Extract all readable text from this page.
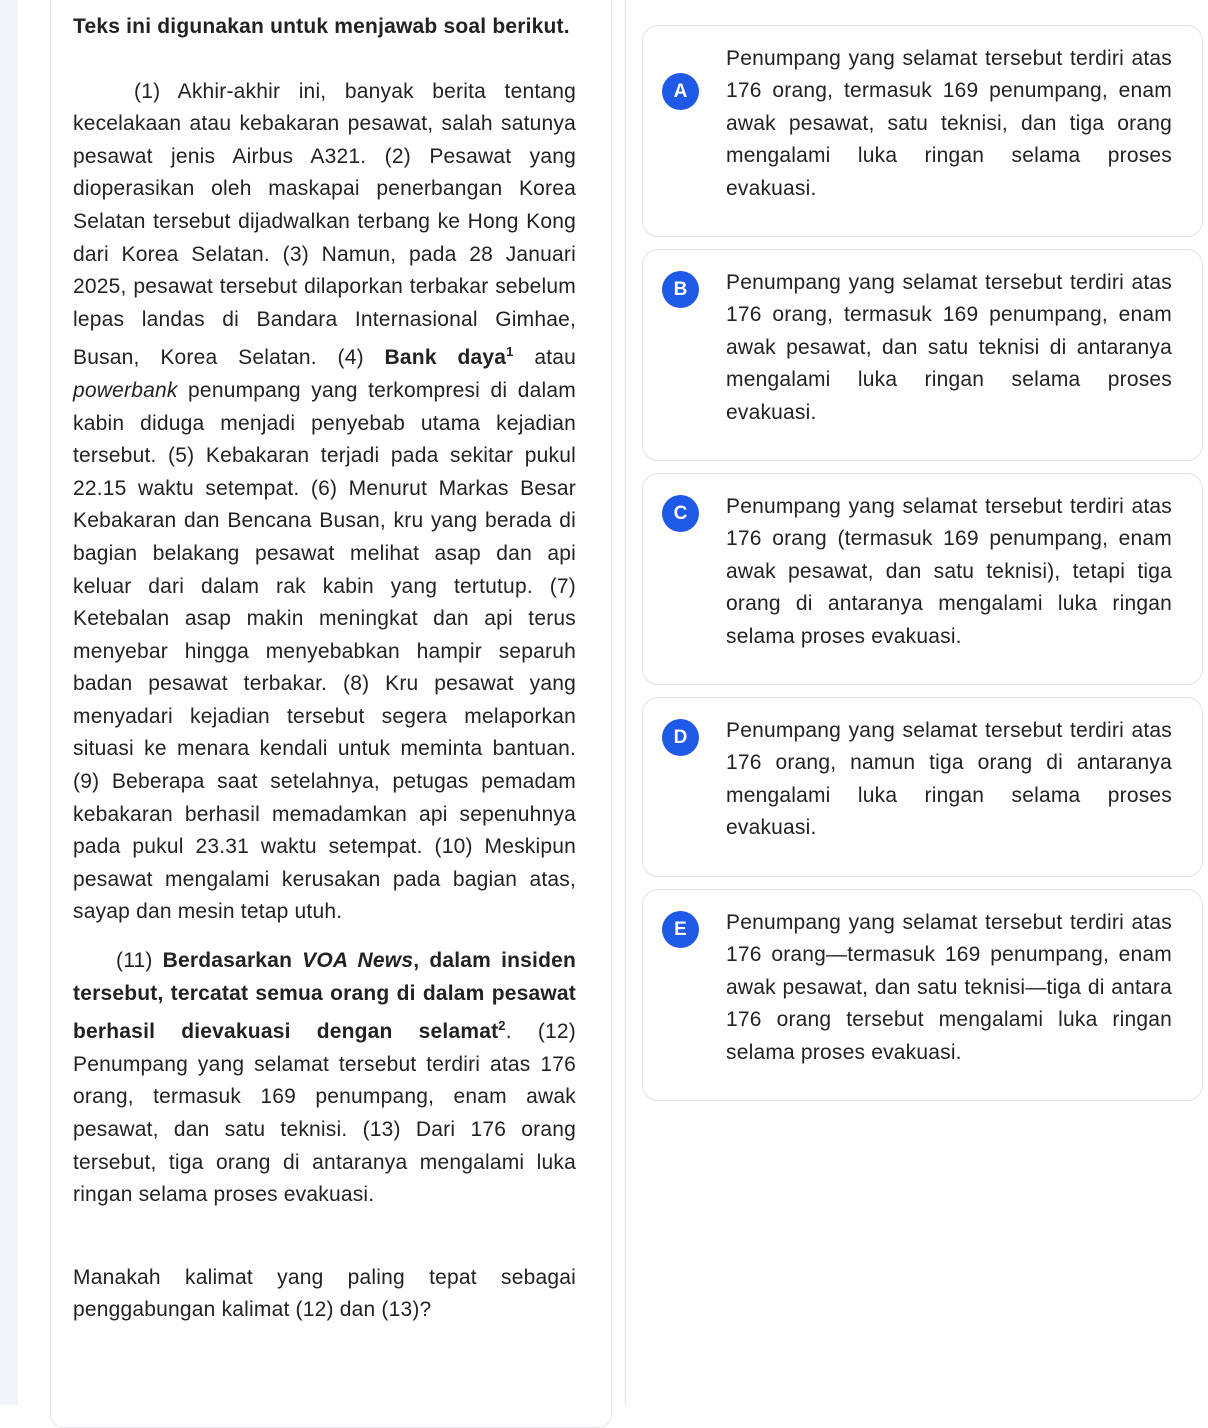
Teks ini digunakan untuk menjawab soal berikut.

(1) Akhir-akhir ini, banyak berita tentang kecelakaan atau kebakaran pesawat, salah satunya pesawat jenis Airbus A321. (2) Pesawat yang dioperasikan oleh maskapai penerbangan Korea Selatan tersebut dijadwalkan terbang ke Hong Kong dari Korea Selatan. (3) Namun, pada 28 Januari 2025, pesawat tersebut dilaporkan terbakar sebelum lepas landas di Bandara Internasional Gimhae, Busan, Korea Selatan. (4) Bank daya$^1$ atau powerbank penumpang yang terkompresi di dalam kabin diduga menjadi penyebab utama kejadian tersebut. (5) Kebakaran terjadi pada sekitar pukul 22.15 waktu setempat. (6) Menurut Markas Besar Kebakaran dan Bencana Busan, kru yang berada di bagian belakang pesawat melihat asap dan api keluar dari dalam rak kabin yang tertutup. (7) Ketebalan asap makin meningkat dan api terus menyebar hingga menyebabkan hampir separuh badan pesawat terbakar. (8) Kru pesawat yang menyadari kejadian tersebut segera melaporkan situasi ke menara kendali untuk meminta bantuan. (9) Beberapa saat setelahnya, petugas pemadam kebakaran berhasil memadamkan api sepenuhnya pada pukul 23.31 waktu setempat. (10) Meskipun pesawat mengalami kerusakan pada bagian atas, sayap dan mesin tetap utuh.

(11) Berdasarkan VOA News, dalam insiden tersebut, tercatat semua orang di dalam pesawat berhasil dievakuasi dengan selamat$^2$. (12) Penumpang yang selamat tersebut terdiri atas 176 orang, termasuk 169 penumpang, enam awak pesawat, dan satu teknisi. (13) Dari 176 orang tersebut, tiga orang di antaranya mengalami luka ringan selama proses evakuasi.

Manakah kalimat yang paling tepat sebagai penggabungan kalimat (12) dan (13)?

A
Penumpang yang selamat tersebut terdiri atas 176 orang, termasuk 169 penumpang, enam awak pesawat, satu teknisi, dan tiga orang mengalami luka ringan selama proses evakuasi.
B	Penumpang yang selamat tersebut terdiri atas 176 orang, termasuk 169 penumpang, enam awak pesawat, dan satu teknisi di antaranya mengalami luka ringan selama proses evakuasi.
C	Penumpang yang selamat tersebut terdiri atas 176 orang (termasuk 169 penumpang, enam awak pesawat, dan satu teknisi), tetapi tiga orang di antaranya mengalami luka ringan selama proses evakuasi.
D	Penumpang yang selamat tersebut terdiri atas 176 orang, namun tiga orang di antaranya mengalami luka ringan selama proses evakuasi.
E	Penumpang yang selamat tersebut terdiri atas 176 orang—termasuk 169 penumpang, enam awak pesawat, dan satu teknisi—tiga di antara 176 orang tersebut mengalami luka ringan selama proses evakuasi.
